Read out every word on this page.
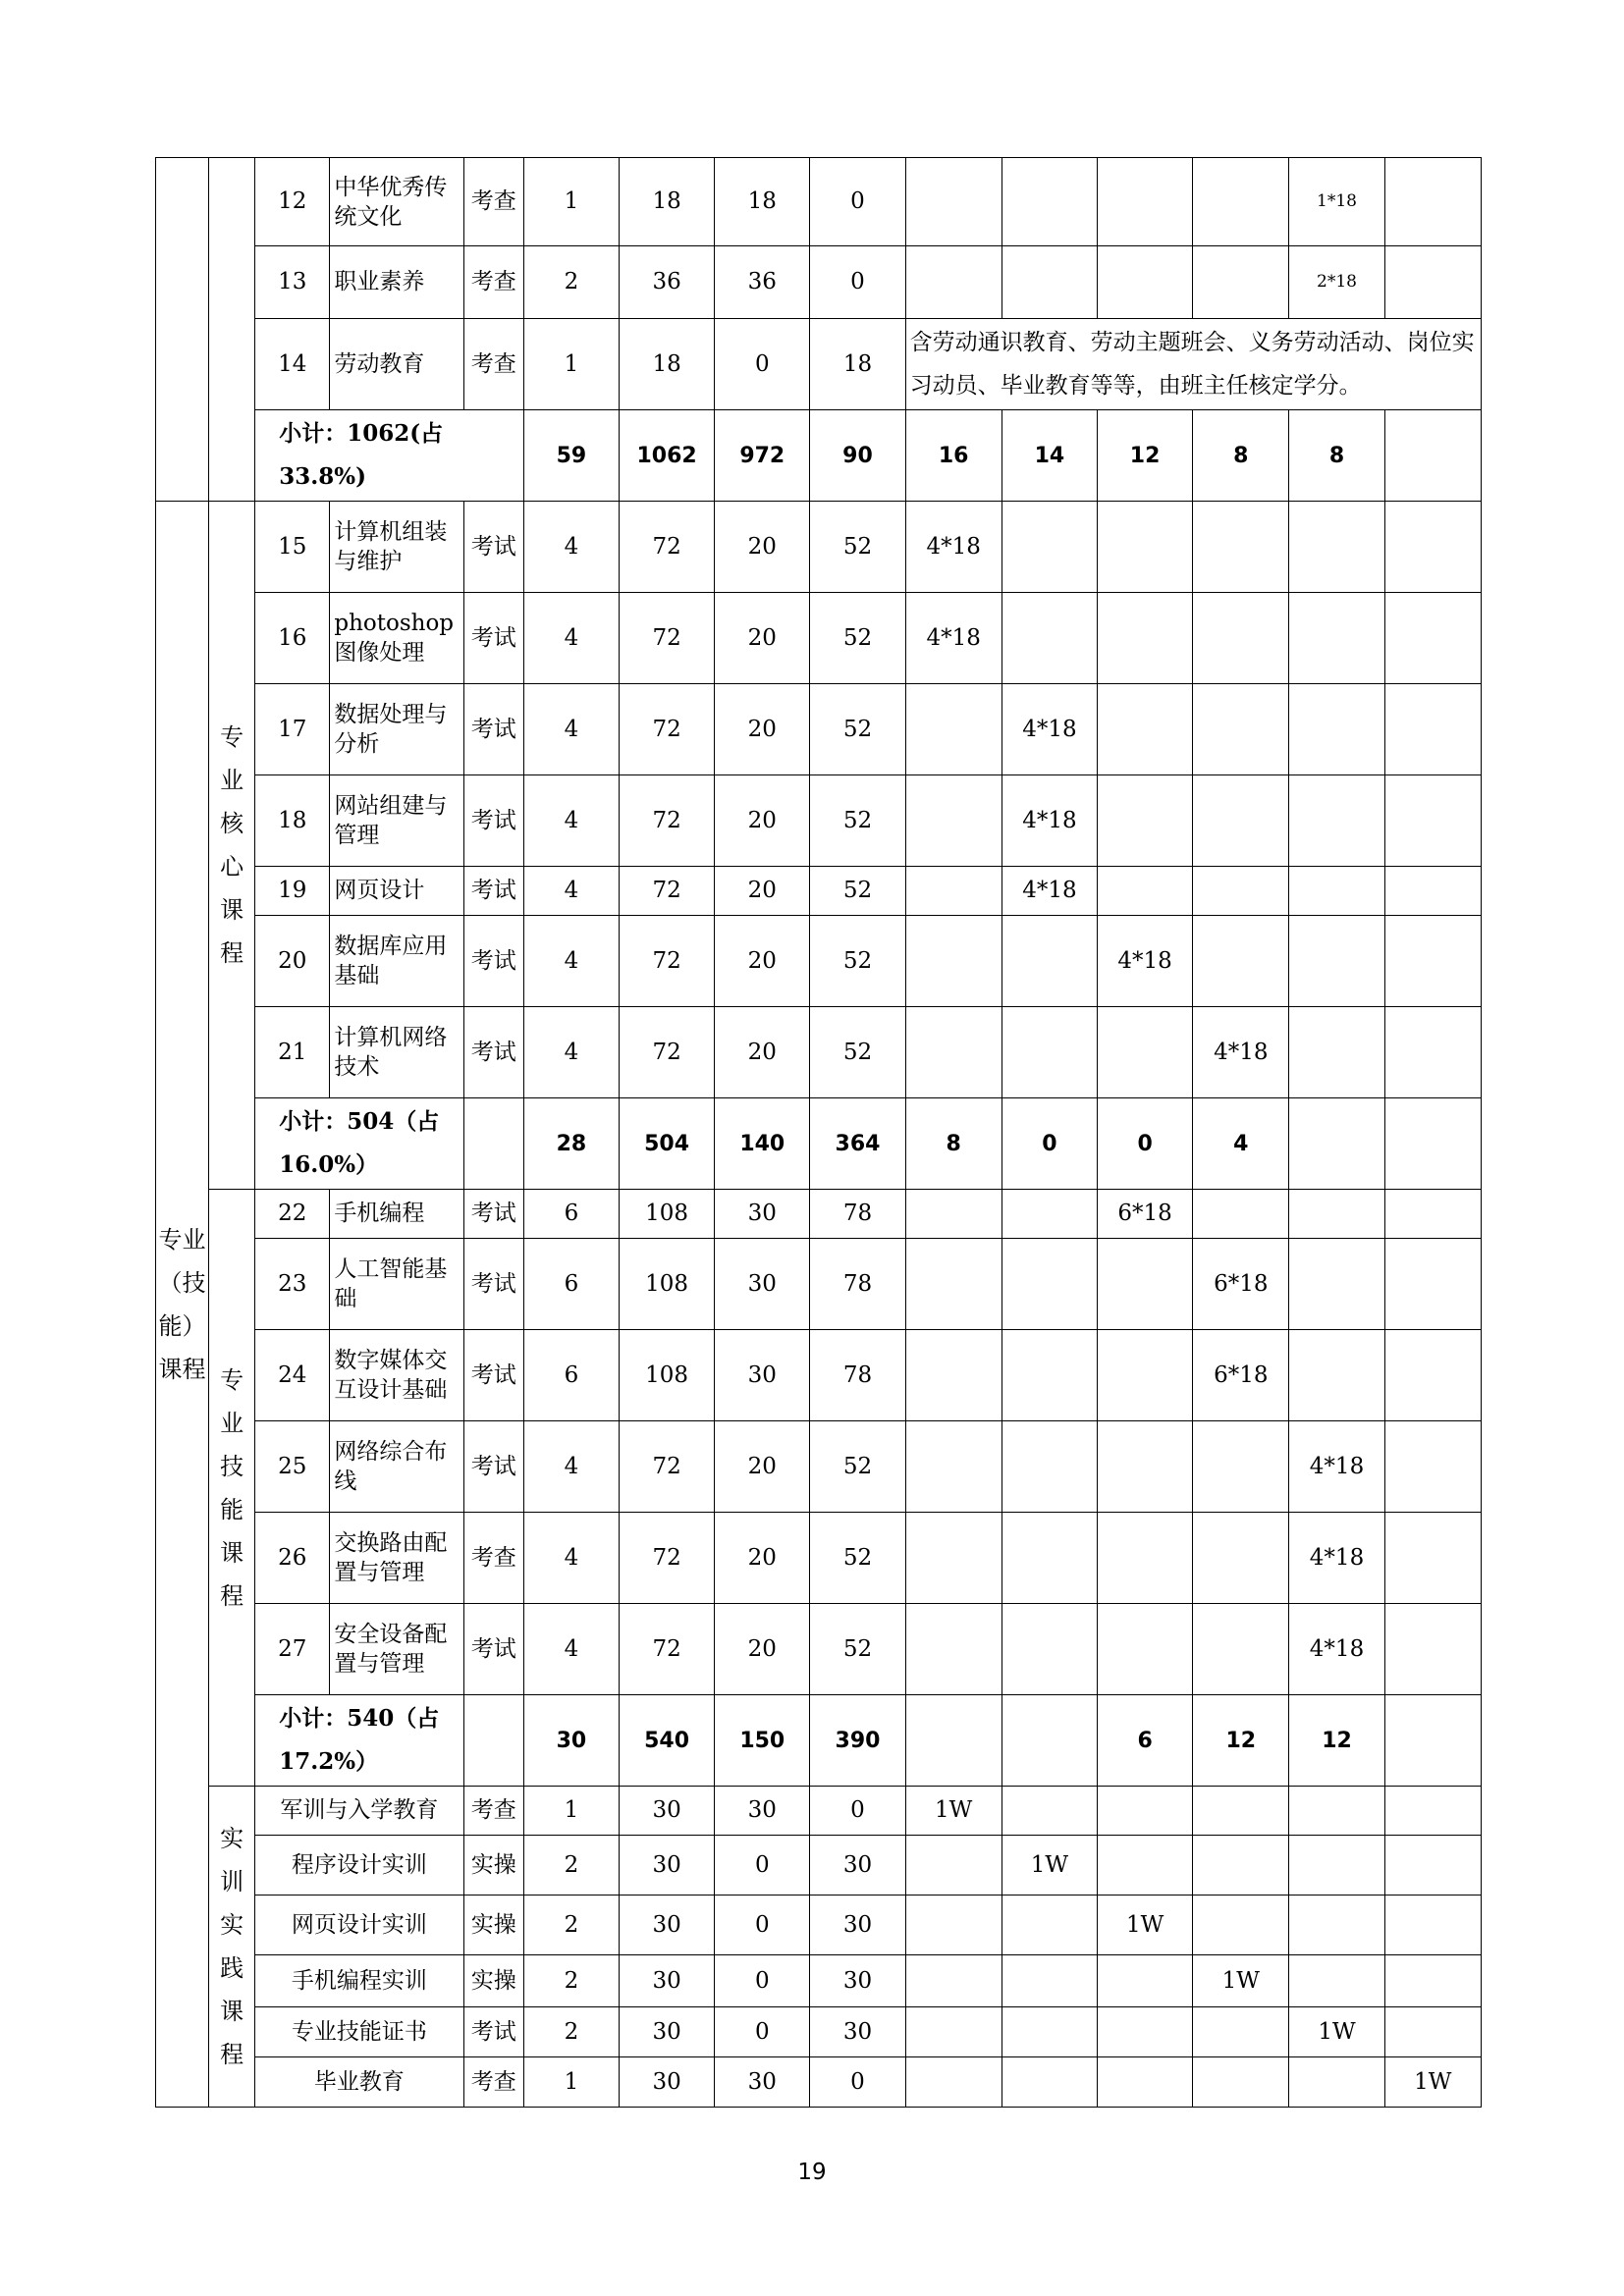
		12	中华优秀传统文化	考查	1	18	18	0					1*18	
		13	职业素养	考查	2	36	36	0					2*18	
		14	劳动教育	考查	1	18	0	18	含劳动通识教育、劳动主题班会、义务劳动活动、岗位实习动员、毕业教育等等，由班主任核定学分。					
		小计：1062(占33.8%)			59	1062	972	90	16	14	12	8	8	
专业（技能）课程	专业核心课程	15	计算机组装与维护	考试	4	72	20	52	4*18					
		16	photoshop图像处理	考试	4	72	20	52	4*18					
		17	数据处理与分析	考试	4	72	20	52		4*18				
		18	网站组建与管理	考试	4	72	20	52		4*18				
		19	网页设计	考试	4	72	20	52		4*18				
		20	数据库应用基础	考试	4	72	20	52			4*18			
		21	计算机网络技术	考试	4	72	20	52				4*18		
		小计：504（占16.0%）			28	504	140	364	8	0	0	4		
	专业技能课程	22	手机编程	考试	6	108	30	78			6*18			
		23	人工智能基础	考试	6	108	30	78				6*18		
		24	数字媒体交互设计基础	考试	6	108	30	78				6*18		
		25	网络综合布线	考试	4	72	20	52					4*18	
		26	交换路由配置与管理	考查	4	72	20	52					4*18	
		27	安全设备配置与管理	考试	4	72	20	52					4*18	
		小计：540（占17.2%）			30	540	150	390			6	12	12	
	实训实践课程	军训与入学教育		考查	1	30	30	0	1W					
		程序设计实训		实操	2	30	0	30		1W				
		网页设计实训		实操	2	30	0	30			1W			
		手机编程实训		实操	2	30	0	30				1W		
		专业技能证书		考试	2	30	0	30					1W	
		毕业教育		考查	1	30	30	0						1W
19
